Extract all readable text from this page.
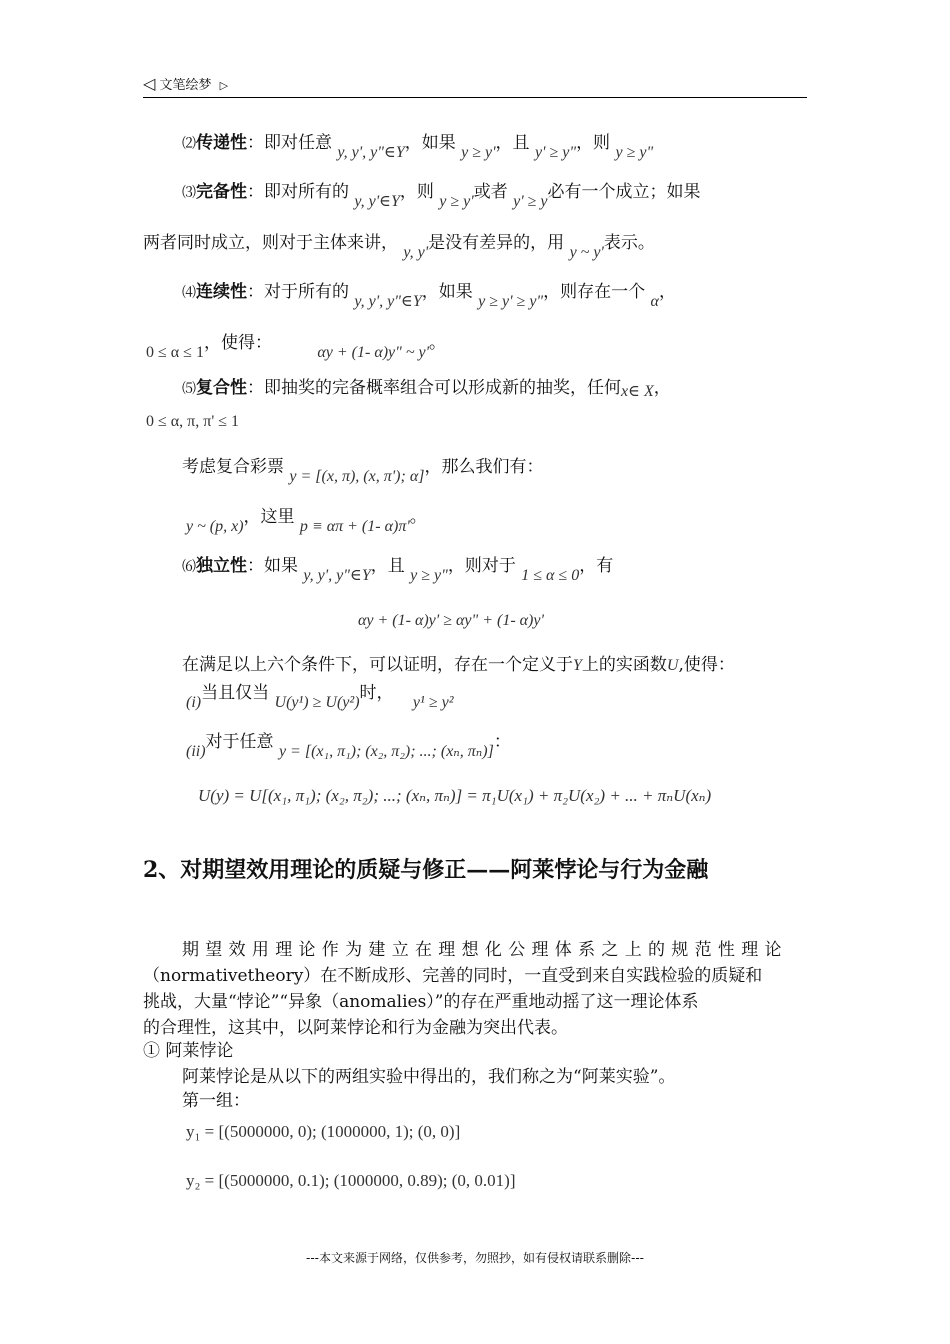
◁ 文笔绘梦 ▷
⑵传递性：即对任意 y, y', y"∈Y，如果 y ≥ y'，且 y' ≥ y"，则 y ≥ y"
⑶完备性：即对所有的 y, y'∈Y，则 y ≥ y'或者 y' ≥ y必有一个成立；如果
两者同时成立，则对于主体来讲， y, y'是没有差异的，用 y ~ y'表示。
⑷连续性：对于所有的 y, y', y"∈Y，如果 y ≥ y' ≥ y"，则存在一个 α，
0 ≤ α ≤ 1，使得：	αy + (1- α)y" ~ y'。
⑸复合性：即抽奖的完备概率组合可以形成新的抽奖，任何x∈ X，
0 ≤ α, π, π' ≤ 1
考虑复合彩票 y = [(x, π), (x, π'); α]，那么我们有：
y ~ (p, x)，这里 p ≡ απ + (1- α)π'。
⑹独立性：如果 y, y', y"∈Y，且 y ≥ y"，则对于 1 ≤ α ≤ 0，有
αy + (1- α)y' ≥ αy" + (1- α)y'
在满足以上六个条件下，可以证明，存在一个定义于Y上的实函数U,使得：
(i)当且仅当 U(y¹) ≥ U(y²)时， y¹ ≥ y²
(ii)对于任意 y = [(x₁, π₁); (x₂, π₂); ...; (xₙ, πₙ)]：
U(y) = U[(x₁, π₁); (x₂, π₂); ...; (xₙ, πₙ)] = π₁U(x₁) + π₂U(x₂) + ... + πₙU(xₙ)
2、对期望效用理论的质疑与修正——阿莱悖论与行为金融
期望效用理论作为建立在理想化公理体系之上的规范性理论
（normativetheory）在不断成形、完善的同时，一直受到来自实践检验的质疑和
挑战，大量“悖论”“异象（anomalies）”的存在严重地动摇了这一理论体系
的合理性，这其中，以阿莱悖论和行为金融为突出代表。
① 阿莱悖论
阿莱悖论是从以下的两组实验中得出的，我们称之为“阿莱实验”。
第一组：
y₁ = [(5000000, 0); (1000000, 1); (0, 0)]
y₂ = [(5000000, 0.1); (1000000, 0.89); (0, 0.01)]
---本文来源于网络，仅供参考，勿照抄，如有侵权请联系删除---
